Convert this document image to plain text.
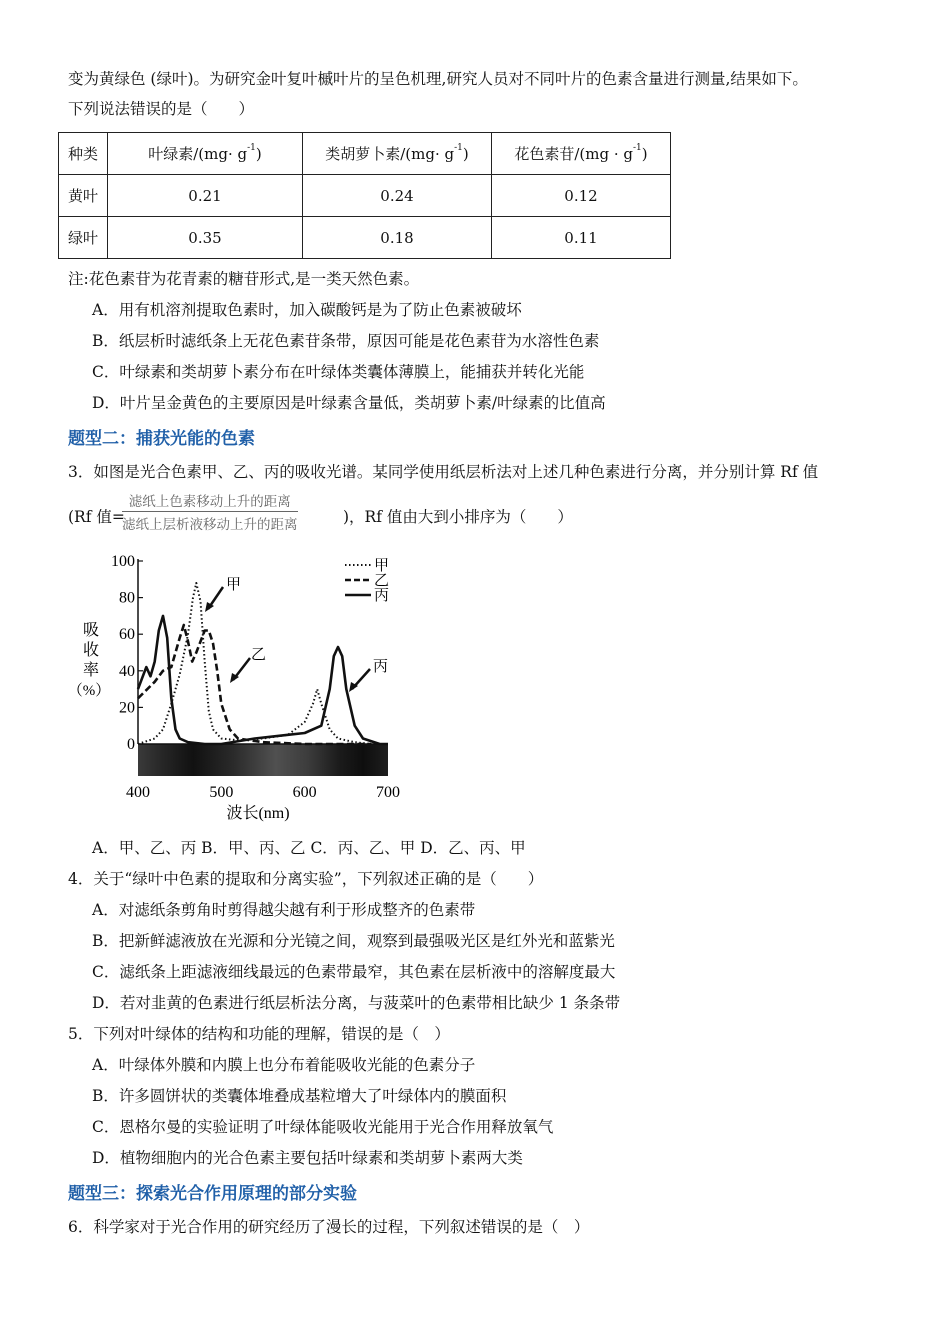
变为黄绿色 (绿叶)。为研究金叶复叶槭叶片的呈色机理,研究人员对不同叶片的色素含量进行测量,结果如下。
下列说法错误的是（　　）
种类	叶绿素$/(mg\cdot g^{-1})$	类胡萝卜素$/(mg\cdot g^{-1})$	花色素苷$/(mg \cdot g^{-1})$
黄叶	0.21	0.24	0.12
绿叶	0.35	0.18	0.11
注:花色素苷为花青素的糖苷形式,是一类天然色素。
A．用有机溶剂提取色素时，加入碳酸钙是为了防止色素被破坏
B．纸层析时滤纸条上无花色素苷条带，原因可能是花色素苷为水溶性色素
C．叶绿素和类胡萝卜素分布在叶绿体类囊体薄膜上，能捕获并转化光能
D．叶片呈金黄色的主要原因是叶绿素含量低，类胡萝卜素/叶绿素的比值高
题型二：捕获光能的色素
3．如图是光合色素甲、乙、丙的吸收光谱。某同学使用纸层析法对上述几种色素进行分离，并分别计算 Rf 值
(Rf 值=
滤纸上色素移动上升的距离
滤纸上层析液移动上升的距离	)，Rf 值由大到小排序为（　　）
100
80
60
40
20
0
400	500	600	700
吸
收
率
（%）
波长(nm)
甲
乙
丙
甲
乙
丙
A．甲、乙、丙 B．甲、丙、乙 C．丙、乙、甲 D．乙、丙、甲
4．关于“绿叶中色素的提取和分离实验”，下列叙述正确的是（　　）
A．对滤纸条剪角时剪得越尖越有利于形成整齐的色素带
B．把新鲜滤液放在光源和分光镜之间，观察到最强吸光区是红外光和蓝紫光
C．滤纸条上距滤液细线最远的色素带最窄，其色素在层析液中的溶解度最大
D．若对韭黄的色素进行纸层析法分离，与菠菜叶的色素带相比缺少 1 条条带
5．下列对叶绿体的结构和功能的理解，错误的是（　）
A．叶绿体外膜和内膜上也分布着能吸收光能的色素分子
B．许多圆饼状的类囊体堆叠成基粒增大了叶绿体内的膜面积
C．恩格尔曼的实验证明了叶绿体能吸收光能用于光合作用释放氧气
D．植物细胞内的光合色素主要包括叶绿素和类胡萝卜素两大类
题型三：探索光合作用原理的部分实验
6．科学家对于光合作用的研究经历了漫长的过程，下列叙述错误的是（　）
